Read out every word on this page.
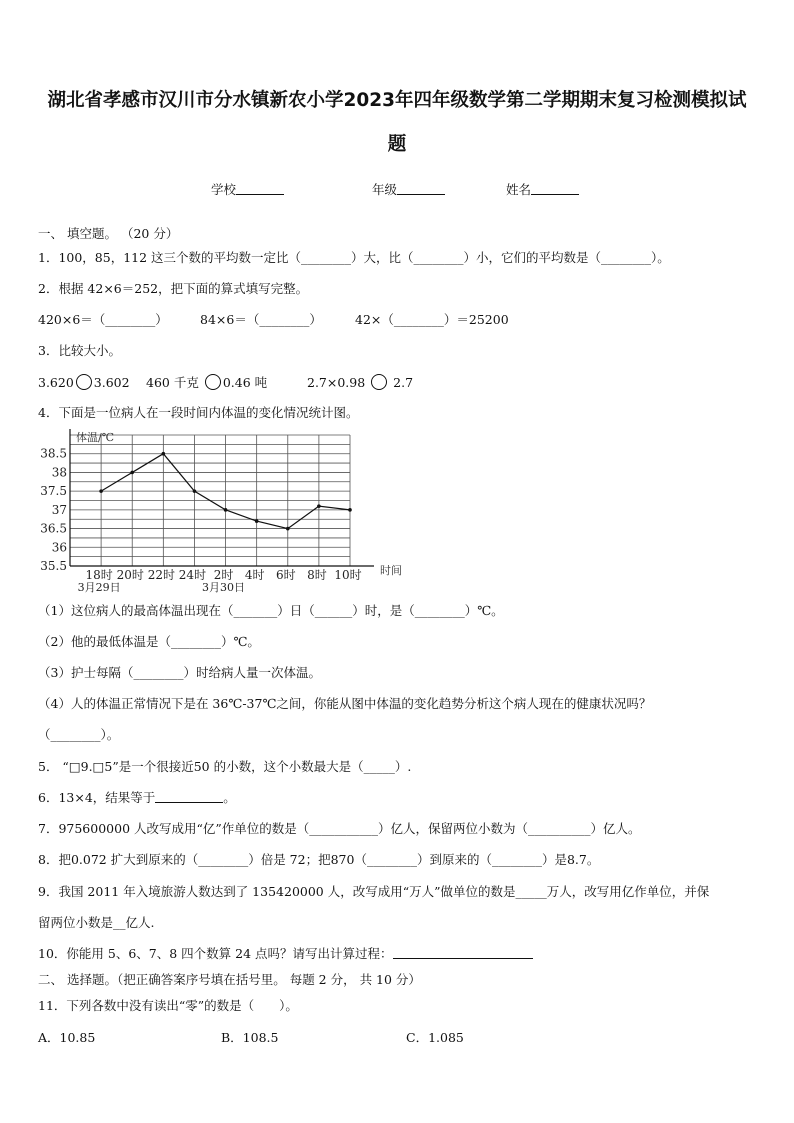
湖北省孝感市汉川市分水镇新农小学2023年四年级数学第二学期期末复习检测模拟试
题
学校	年级	姓名
一、 填空题。 （20 分）
1．100，85，112 这三个数的平均数一定比（________）大，比（________）小，它们的平均数是（________）。
2．根据 42×6＝252，把下面的算式填写完整。
420×6＝（________）	84×6＝（________）	42×（________）＝25200
3．比较大小。
3.620 3.602 460 千克 0.46 吨	2.7×0.98 2.7
4．下面是一位病人在一段时间内体温的变化情况统计图。
35.5
36
36.5
37
37.5
38
38.5
体温/℃
时间
18时 20时 22时 24时 2时 4时 6时 8时 10时
3月29日	3月30日
（1）这位病人的最高体温出现在（_______）日（______）时，是（________）℃。
（2）他的最低体温是（________）℃。
（3）护士每隔（________）时给病人量一次体温。
（4）人的体温正常情况下是在 36℃-37℃之间，你能从图中体温的变化趋势分析这个病人现在的健康状况吗？
（________）。
5． “□9.□5”是一个很接近50 的小数，这个小数最大是（_____）.
6．13×4，结果等于	。
7．975600000 人改写成用“亿”作单位的数是（___________）亿人，保留两位小数为（__________）亿人。
8．把0.072 扩大到原来的（________）倍是 72；把870（________）到原来的（________）是8.7。
9．我国 2011 年入境旅游人数达到了 135420000 人，改写成用“万人”做单位的数是_____万人，改写用亿作单位，并保
留两位小数是__亿人.
10．你能用 5、6、7、8 四个数算 24 点吗？请写出计算过程：
二、 选择题。（把正确答案序号填在括号里。 每题 2 分， 共 10 分）
11．下列各数中没有读出“零”的数是（　　）。
A．10.85	B．108.5	C．1.085
